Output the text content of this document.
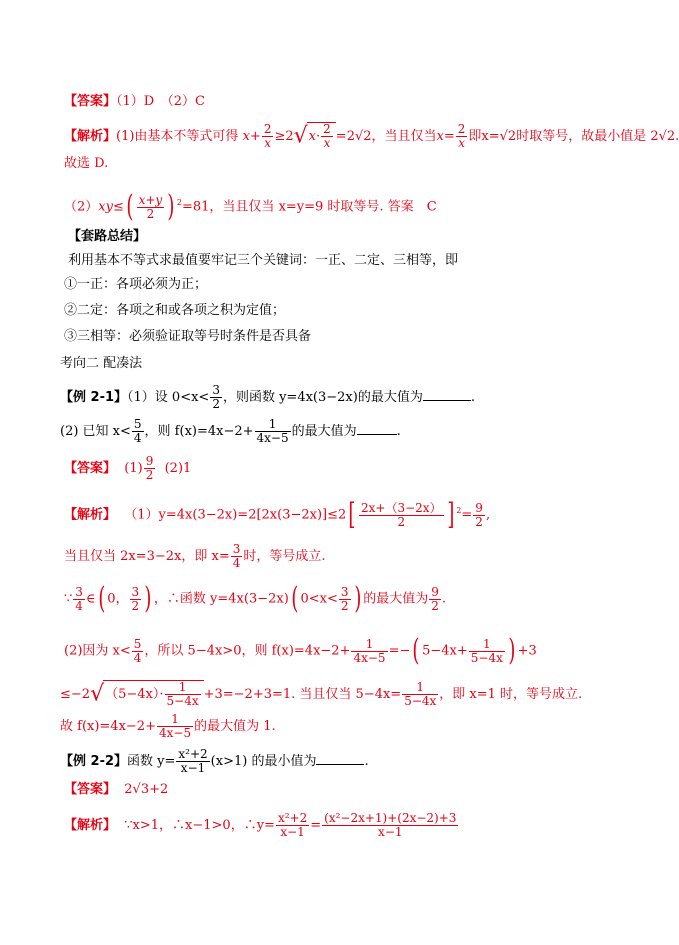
【答案】（1）D　（2）C
【解析】(1)由基本不等式可得 $x+ \frac{2}{x} \ge 2√x\cdot \frac{2}{x} =2√2$，当且仅当$x= \frac{2}{x}$ 即x=√2时取等号，故最小值是 2√2.
故选 D.
$(2)xy\le( \frac{x+y}{2}$ ) $^2$=81，当且仅当 x=y=9 时取等号. 答案　C
【套路总结】
利用基本不等式求最值要牢记三个关键词：一正、二定、三相等，即
①一正：各项必须为正；
②二定：各项之和或各项之积为定值；
③三相等：必须验证取等号时条件是否具备
考向二 配凑法
【例 2-1】（1）设 $0<x< \frac{3}{2}$ ，则函数 y=4x(3−2x)的最大值为	.
(2) 已知 $x< \frac{5}{4}$ ，则 $f(x)=4x-2+ \frac{1}{4x-5}$ 的最大值为	.
【答案】 $(1) \frac{9}{2} (2)1$
【解析】 $(1)y=4x(3-2x)=2[2x(3-2x)]\le 2[ \frac{2x+(3-2x)}{2}$ ] $^2= \frac{9}{2}$ ,
当且仅当 2x=3−2x，即 $x= \frac{3}{4}$ 时，等号成立.
∵ $\frac{3}{4}$ ∈( 0， $\frac{3}{2}$ ) ，∴函数 y=4x(3−2x)( $0<x< \frac{3}{2}$ ) 的最大值为 $\frac{9}{2}$ .
(2)因为 $x< \frac{5}{4}$ ，所以 5−4x>0，则 $f(x)=4x-2+ \frac{1}{4x-5}$ =−( $5-4x+ \frac{1}{5-4x}$ ) +3
$\le-2√(5-4x)\cdot \frac{1}{5-4x} +3=-2+3=1$. 当且仅当 $5-4x= \frac{1}{5-4x}$ ，即 x=1 时，等号成立.
故 $f(x)=4x-2+ \frac{1}{4x-5}$ 的最大值为 1.
【例 2-2】函数 $y= \frac{\text{x²+2}}{x-1} (x>1)$ 的最小值为	.
【答案】 2√3+2
【解析】 ∵x>1，∴x−1>0，∴y= $\frac{\text{x²+2}}{x-1} = \frac{\text{(x²−2x+1)+(2x−2)+3}}{x-1}$
